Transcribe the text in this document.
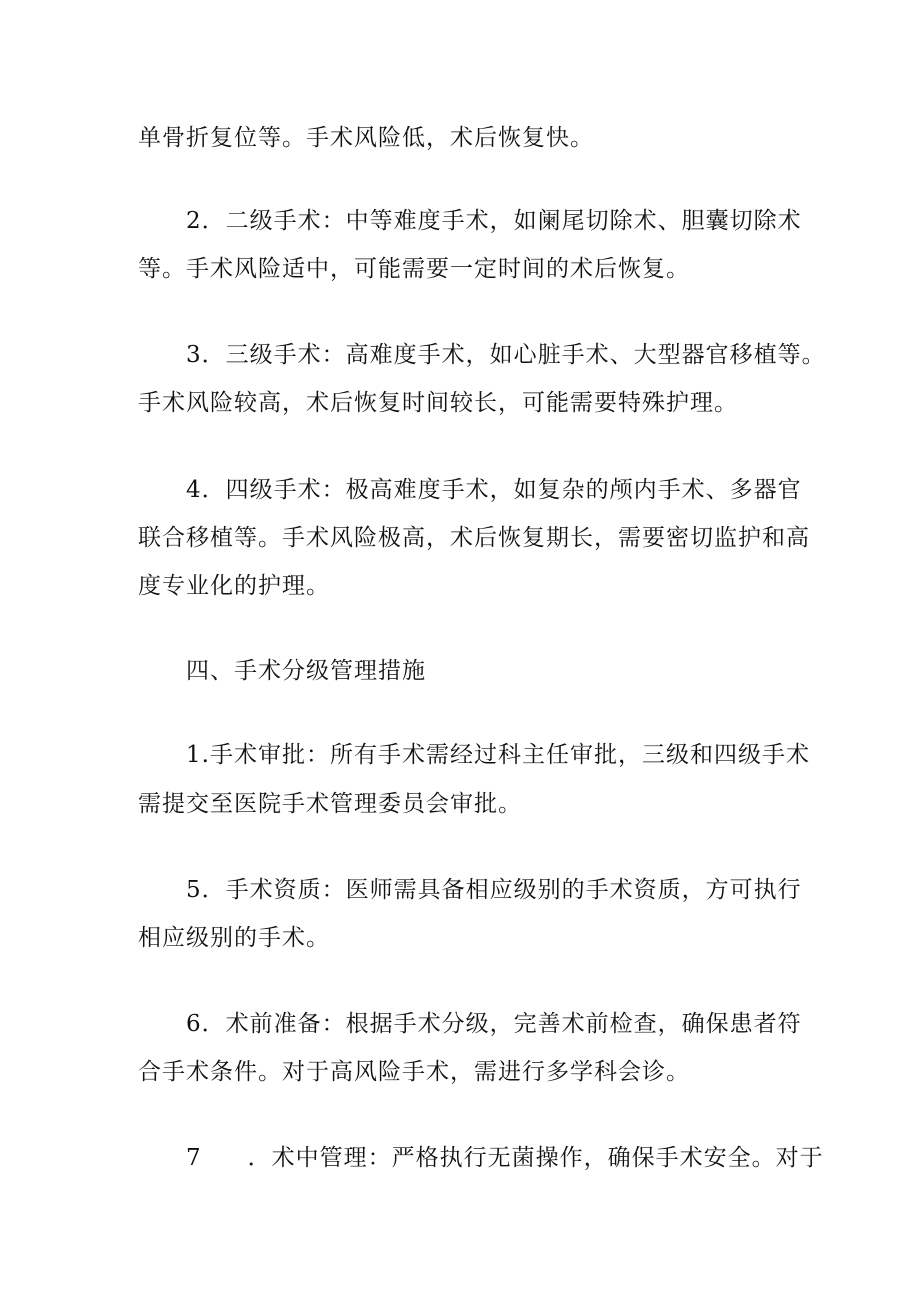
单骨折复位等。手术风险低，术后恢复快。
2．二级手术：中等难度手术，如阑尾切除术、胆囊切除术
等。手术风险适中，可能需要一定时间的术后恢复。
3．三级手术：高难度手术，如心脏手术、大型器官移植等。
手术风险较高，术后恢复时间较长，可能需要特殊护理。
4．四级手术：极高难度手术，如复杂的颅内手术、多器官
联合移植等。手术风险极高，术后恢复期长，需要密切监护和高
度专业化的护理。
四、手术分级管理措施
1.手术审批：所有手术需经过科主任审批，三级和四级手术
需提交至医院手术管理委员会审批。
5．手术资质：医师需具备相应级别的手术资质，方可执行
相应级别的手术。
6．术前准备：根据手术分级，完善术前检查，确保患者符
合手术条件。对于高风险手术，需进行多学科会诊。
7 ．术中管理：严格执行无菌操作，确保手术安全。对于
